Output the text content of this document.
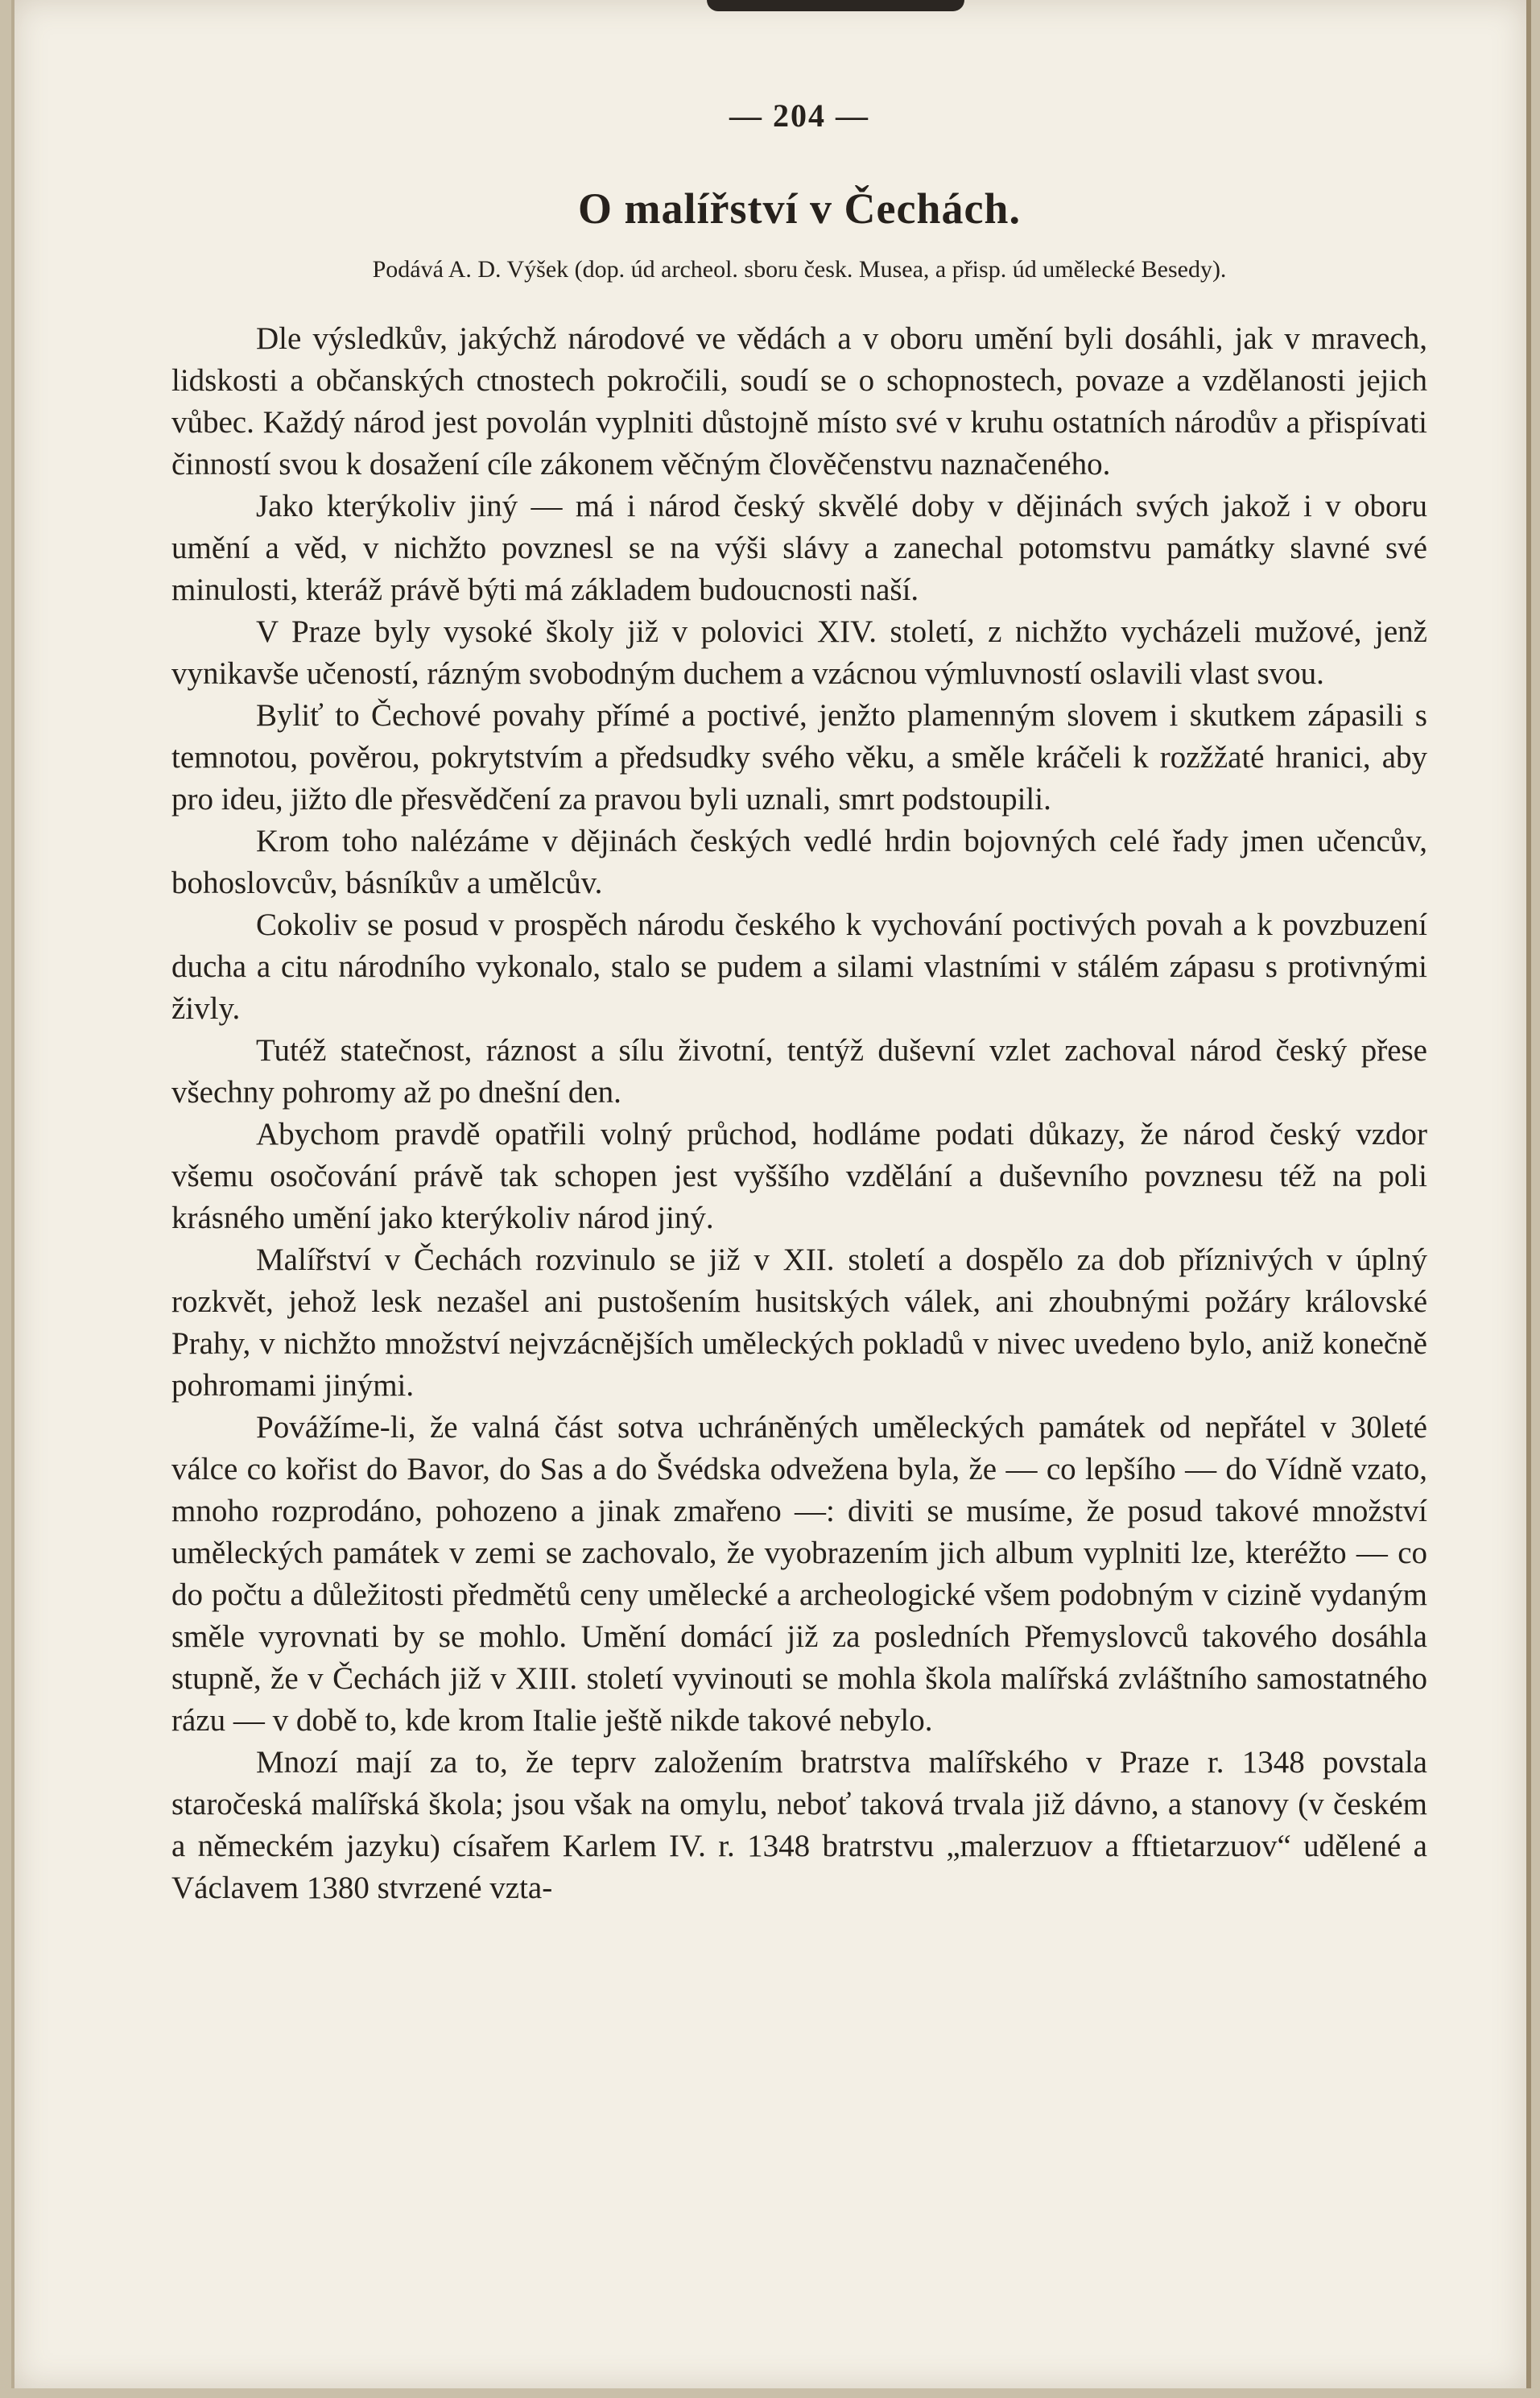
— 204 —
O malířství v Čechách.
Podává A. D. Výšek (dop. úd archeol. sboru česk. Musea, a přisp. úd umělecké Besedy).

Dle výsledkův, jakýchž národové ve vědách a v oboru umění byli dosáhli, jak v mravech, lidskosti a občanských ctnostech pokročili, soudí se o schopnostech, povaze a vzdělanosti jejich vůbec. Každý národ jest povolán vyplniti důstojně místo své v kruhu ostatních národův a přispívati činností svou k dosažení cíle zákonem věčným člověčenstvu naznačeného.

Jako kterýkoliv jiný — má i národ český skvělé doby v dějinách svých jakož i v oboru umění a věd, v nichžto povznesl se na výši slávy a zanechal potomstvu památky slavné své minulosti, kteráž právě býti má základem budoucnosti naší.

V Praze byly vysoké školy již v polovici XIV. století, z nichžto vycházeli mužové, jenž vynikavše učeností, rázným svobodným duchem a vzácnou výmluvností oslavili vlast svou.

Byliť to Čechové povahy přímé a poctivé, jenžto plamenným slovem i skutkem zápasili s temnotou, pověrou, pokrytstvím a předsudky svého věku, a směle kráčeli k rozžžaté hranici, aby pro ideu, jižto dle přesvědčení za pravou byli uznali, smrt podstoupili.

Krom toho nalézáme v dějinách českých vedlé hrdin bojovných celé řady jmen učencův, bohoslovcův, básníkův a umělcův.

Cokoliv se posud v prospěch národu českého k vychování poctivých povah a k povzbuzení ducha a citu národního vykonalo, stalo se pudem a silami vlastními v stálém zápasu s protivnými živly.

Tutéž statečnost, ráznost a sílu životní, tentýž duševní vzlet zachoval národ český přese všechny pohromy až po dnešní den.

Abychom pravdě opatřili volný průchod, hodláme podati důkazy, že národ český vzdor všemu osočování právě tak schopen jest vyššího vzdělání a duševního povznesu též na poli krásného umění jako kterýkoliv národ jiný.

Malířství v Čechách rozvinulo se již v XII. století a dospělo za dob příznivých v úplný rozkvět, jehož lesk nezašel ani pustošením husitských válek, ani zhoubnými požáry královské Prahy, v nichžto množství nejvzácnějších uměleckých pokladů v nivec uvedeno bylo, aniž konečně pohromami jinými.

Povážíme-li, že valná část sotva uchráněných uměleckých památek od nepřátel v 30leté válce co kořist do Bavor, do Sas a do Švédska odvežena byla, že — co lepšího — do Vídně vzato, mnoho rozprodáno, pohozeno a jinak zmařeno —: diviti se musíme, že posud takové množství uměleckých památek v zemi se zachovalo, že vyobrazením jich album vyplniti lze, kteréžto — co do počtu a důležitosti předmětů ceny umělecké a archeologické všem podobným v cizině vydaným směle vyrovnati by se mohlo. Umění domácí již za posledních Přemyslovců takového dosáhla stupně, že v Čechách již v XIII. století vyvinouti se mohla škola malířská zvláštního samostatného rázu — v době to, kde krom Italie ještě nikde takové nebylo.

Mnozí mají za to, že teprv založením bratrstva malířského v Praze r. 1348 povstala staročeská malířská škola; jsou však na omylu, neboť taková trvala již dávno, a stanovy (v českém a německém jazyku) císařem Karlem IV. r. 1348 bratrstvu „malerzuov a fftietarzuov“ udělené a Václavem 1380 stvrzené vzta-
